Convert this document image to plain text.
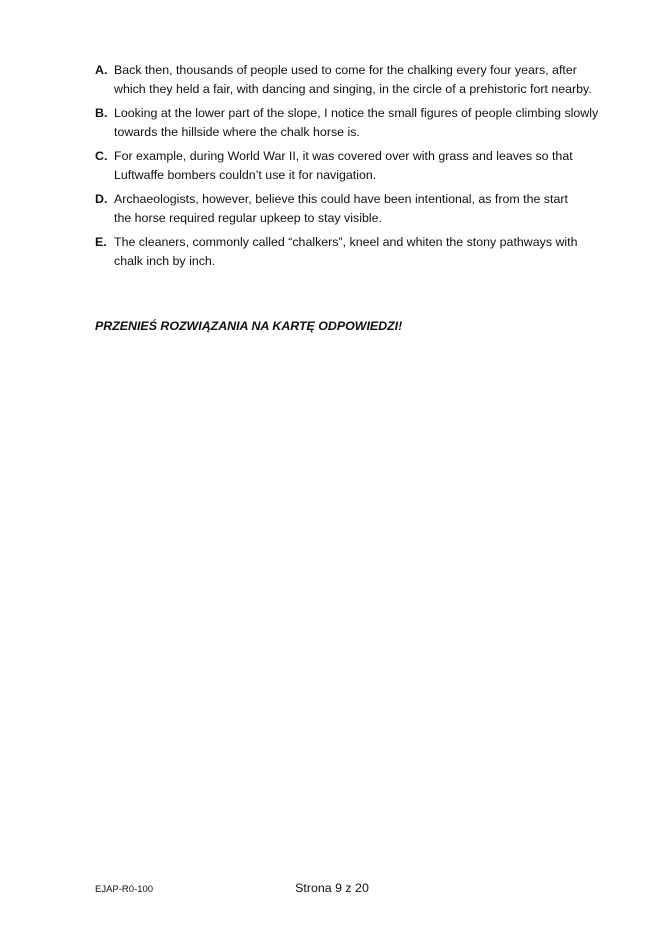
A. Back then, thousands of people used to come for the chalking every four years, after
which they held a fair, with dancing and singing, in the circle of a prehistoric fort nearby.
B. Looking at the lower part of the slope, I notice the small figures of people climbing slowly
towards the hillside where the chalk horse is.
C. For example, during World War II, it was covered over with grass and leaves so that
Luftwaffe bombers couldn’t use it for navigation.
D. Archaeologists, however, believe this could have been intentional, as from the start
the horse required regular upkeep to stay visible.
E. The cleaners, commonly called “chalkers”, kneel and whiten the stony pathways with
chalk inch by inch.
PRZENIEŚ ROZWIĄZANIA NA KARTĘ ODPOWIEDZI!
EJAP-R0-100	Strona 9 z 20
